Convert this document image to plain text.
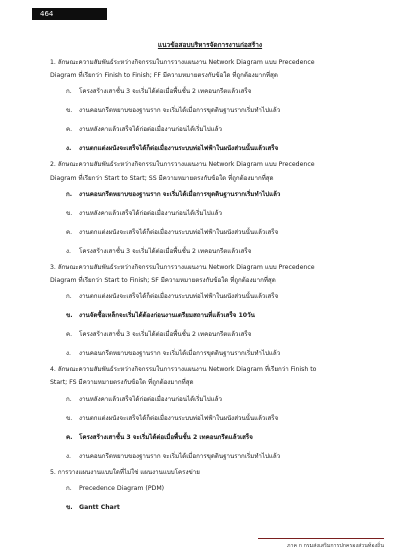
464
แนวข้อสอบบริหารจัดการงานก่อสร้าง

1. ลักษณะความสัมพันธ์ระหว่างกิจกรรมในการวางแผนงาน Network Diagram แบบ Precedence

Diagram ที่เรียกว่า Finish to Finish; FF มีความหมายตรงกับข้อใด ที่ถูกต้องมากที่สุด

ก. โครงสร้างเสาชั้น 3 จะเริ่มได้ต่อเมื่อพื้นชั้น 2 เทคอนกรีตแล้วเสร็จ
ข. งานคอนกรีตหยาบของฐานราก จะเริ่มได้เมื่อการขุดดินฐานรากเริ่มทำไปแล้ว
ค. งานหลังคาแล้วเสร็จได้ก่อต่อเมื่องานก่อนได้เริ่มไปแล้ว
ง. งานตกแต่งผนังจะเสร็จได้ก็ต่อเมื่องานระบบท่อไฟฟ้าในผนังส่วนนั้นแล้วเสร็จ

2. ลักษณะความสัมพันธ์ระหว่างกิจกรรมในการวางแผนงาน Network Diagram แบบ Precedence

Diagram ที่เรียกว่า Start to Start; SS มีความหมายตรงกับข้อใด ที่ถูกต้องมากที่สุด

ก. งานคอนกรีตหยาบของฐานราก จะเริ่มได้เมื่อการขุดดินฐานรากเริ่มทำไปแล้ว
ข. งานหลังคาแล้วเสร็จได้ก่อต่อเมื่องานก่อนได้เริ่มไปแล้ว
ค. งานตกแต่งผนังจะเสร็จได้ก็ต่อเมื่องานระบบท่อไฟฟ้าในผนังส่วนนั้นแล้วเสร็จ
ง. โครงสร้างเสาชั้น 3 จะเริ่มได้ต่อเมื่อพื้นชั้น 2 เทคอนกรีตแล้วเสร็จ

3. ลักษณะความสัมพันธ์ระหว่างกิจกรรมในการวางแผนงาน Network Diagram แบบ Precedence

Diagram ที่เรียกว่า Start to Finish; SF มีความหมายตรงกับข้อใด ที่ถูกต้องมากที่สุด

ก. งานตกแต่งผนังจะเสร็จได้ก็ต่อเมื่องานระบบท่อไฟฟ้าในผนังส่วนนั้นแล้วเสร็จ
ข. งานจัดซื้อเหล็กจะเริ่มได้ต้องก่อนงานเตรียมสถานที่แล้วเสร็จ 10วัน
ค. โครงสร้างเสาชั้น 3 จะเริ่มได้ต่อเมื่อพื้นชั้น 2 เทคอนกรีตแล้วเสร็จ
ง. งานคอนกรีตหยาบของฐานราก จะเริ่มได้เมื่อการขุดดินฐานรากเริ่มทำไปแล้ว

4. ลักษณะความสัมพันธ์ระหว่างกิจกรรมในการวางแผนงาน Network Diagram ที่เรียกว่า Finish to

Start; FS มีความหมายตรงกับข้อใด ที่ถูกต้องมากที่สุด

ก. งานหลังคาแล้วเสร็จได้ก่อต่อเมื่องานก่อนได้เริ่มไปแล้ว
ข. งานตกแต่งผนังจะเสร็จได้ก็ต่อเมื่องานระบบท่อไฟฟ้าในผนังส่วนนั้นแล้วเสร็จ
ค. โครงสร้างเสาชั้น 3 จะเริ่มได้ต่อเมื่อพื้นชั้น 2 เทคอนกรีตแล้วเสร็จ
ง. งานคอนกรีตหยาบของฐานราก จะเริ่มได้เมื่อการขุดดินฐานรากเริ่มทำไปแล้ว

5. การวางแผนงานแบบใดที่ไม่ใช่ แผนงานแบบโครงข่าย

ก. Precedence Diagram (PDM)
ข. Gantt Chart
ภาค ก กรมส่งเสริมการปกครองส่วนท้องถิ่น
